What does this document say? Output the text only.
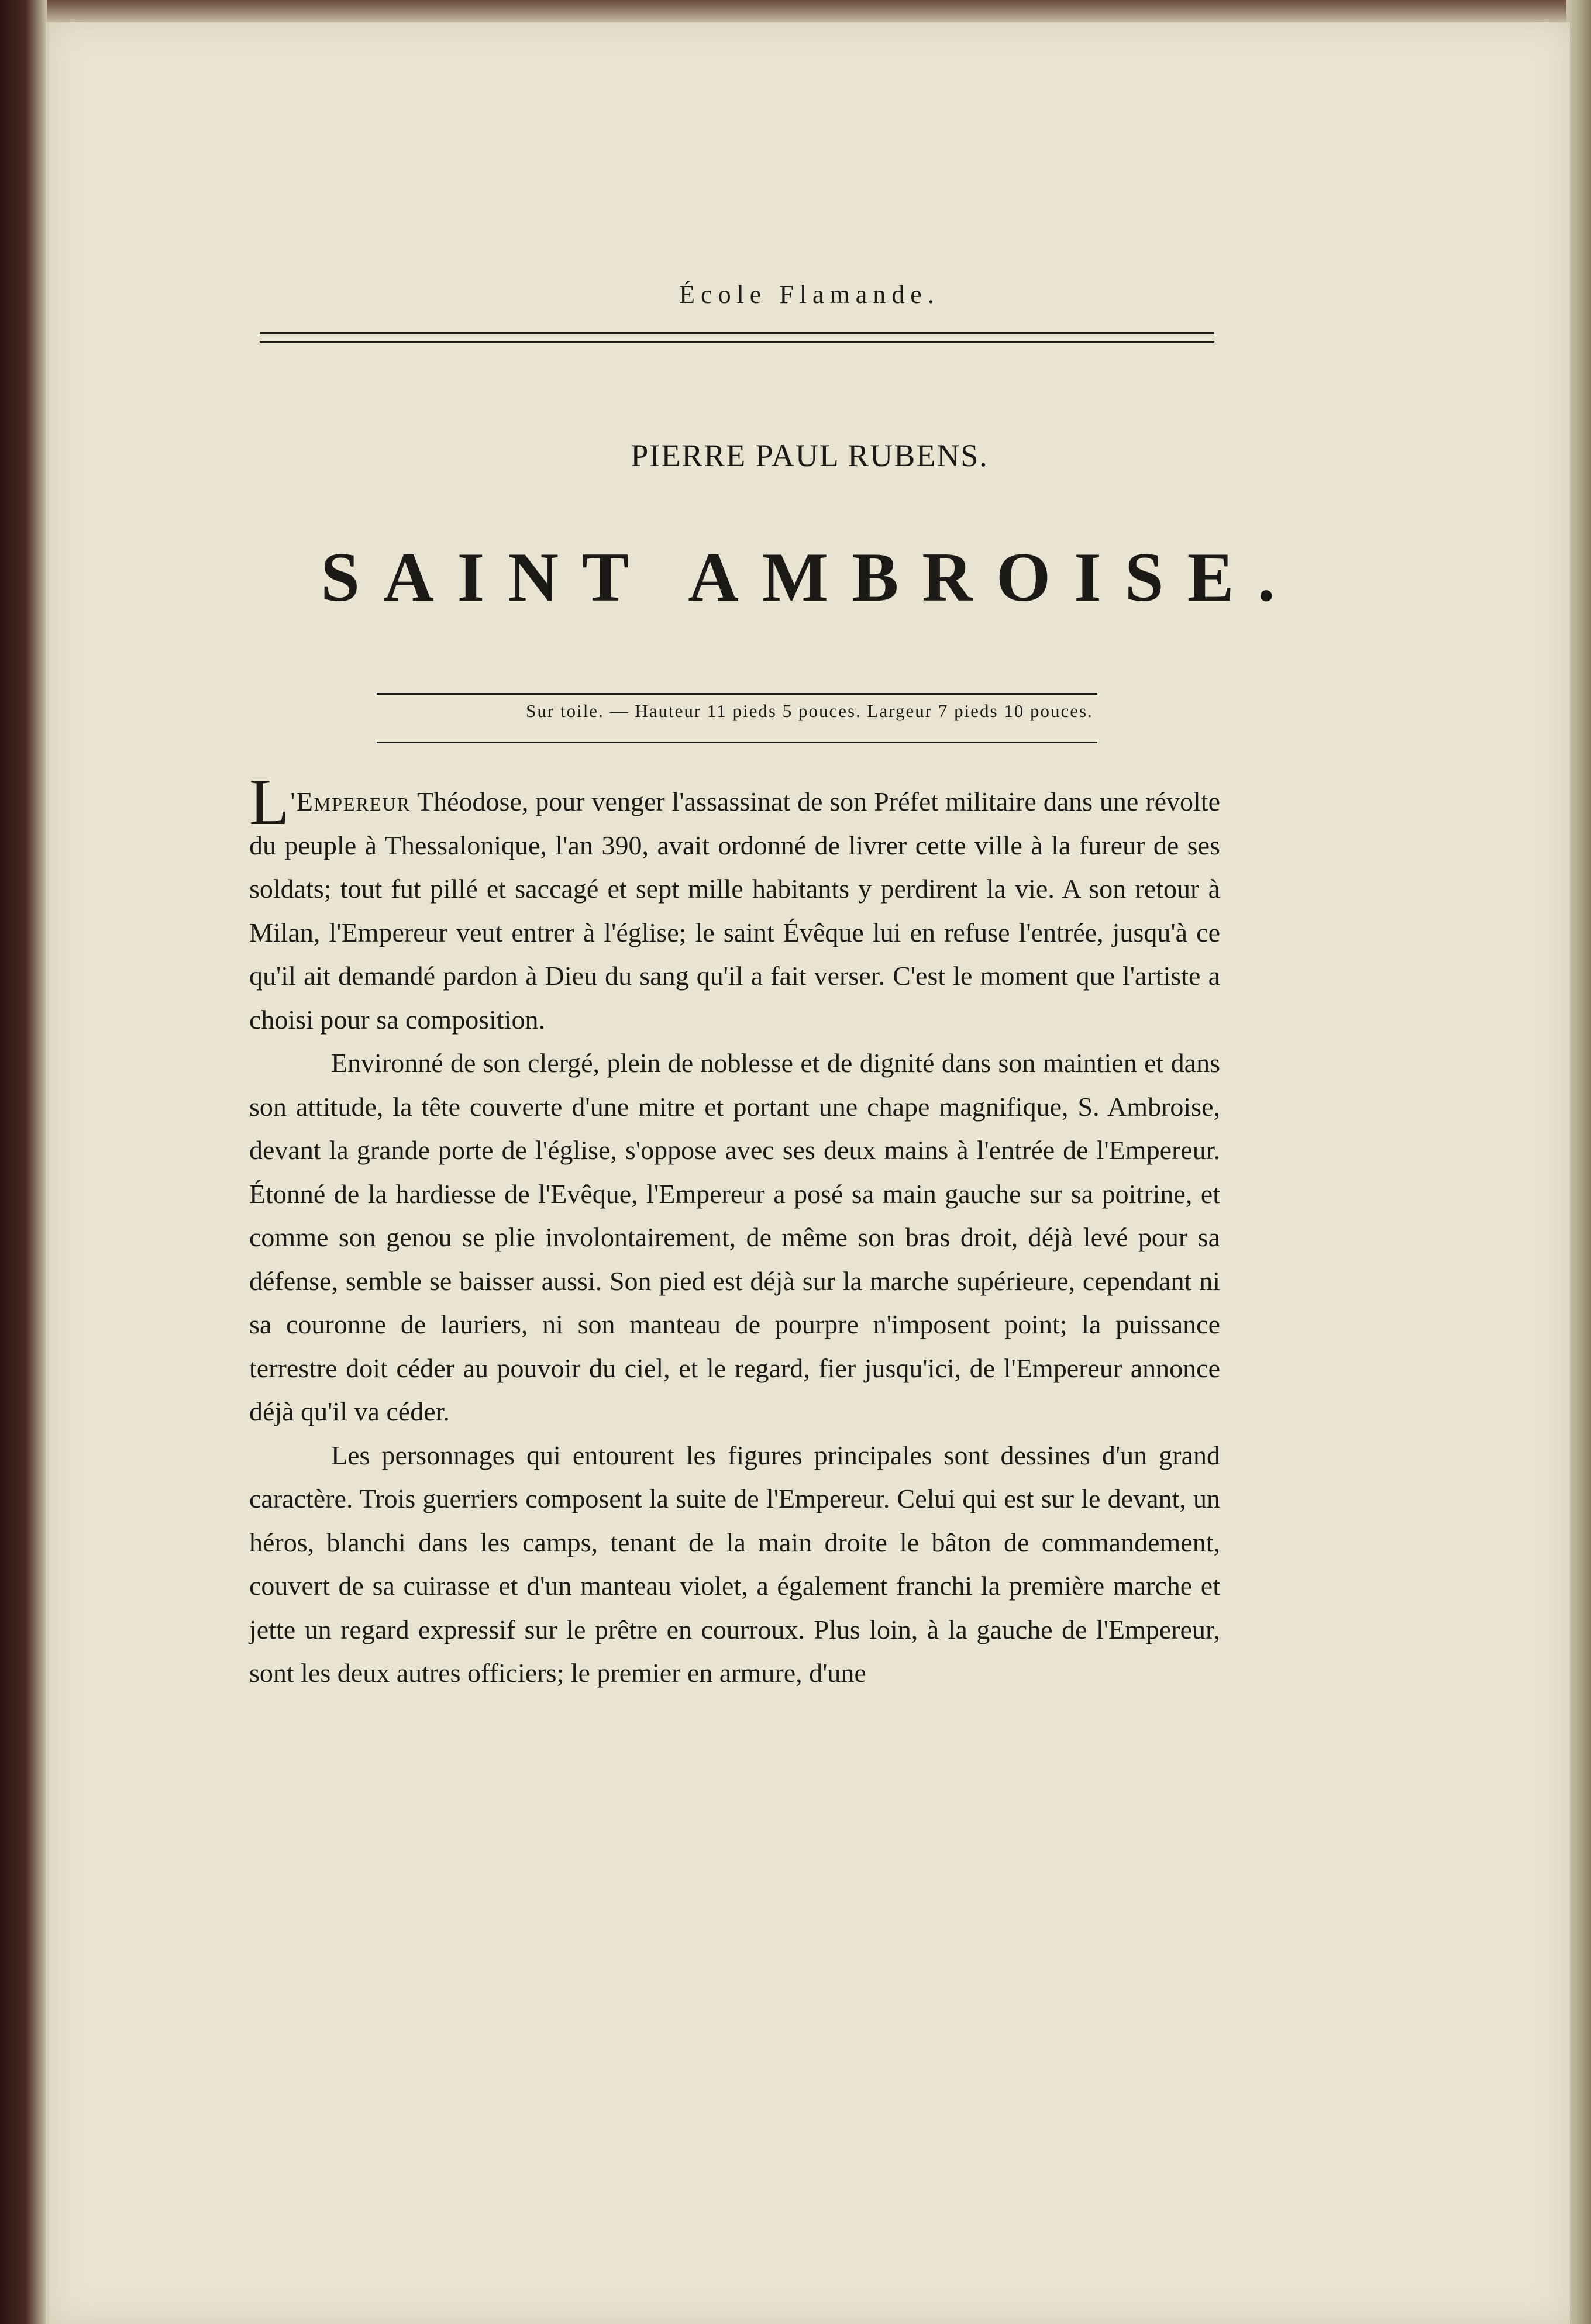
École Flamande.
PIERRE PAUL RUBENS.
SAINT AMBROISE.
Sur toile. — Hauteur 11 pieds 5 pouces. Largeur 7 pieds 10 pouces.

L 'Empereur Théodose, pour venger l'assassinat de son Préfet militaire dans une révolte du peuple à Thessalonique, l'an 390, avait ordonné de livrer cette ville à la fureur de ses soldats; tout fut pillé et saccagé et sept mille habitants y perdirent la vie. A son retour à Milan, l'Empereur veut entrer à l'église; le saint Évêque lui en refuse l'entrée, jusqu'à ce qu'il ait demandé pardon à Dieu du sang qu'il a fait verser. C'est le moment que l'artiste a choisi pour sa composition.

Environné de son clergé, plein de noblesse et de dignité dans son maintien et dans son attitude, la tête couverte d'une mitre et portant une chape magnifique, S. Ambroise, devant la grande porte de l'église, s'oppose avec ses deux mains à l'entrée de l'Empereur. Étonné de la hardiesse de l'Evêque, l'Empereur a posé sa main gauche sur sa poitrine, et comme son genou se plie involontairement, de même son bras droit, déjà levé pour sa défense, semble se baisser aussi. Son pied est déjà sur la marche supérieure, cependant ni sa couronne de lauriers, ni son manteau de pourpre n'imposent point; la puissance terrestre doit céder au pouvoir du ciel, et le regard, fier jusqu'ici, de l'Empereur annonce déjà qu'il va céder.

Les personnages qui entourent les figures principales sont dessines d'un grand caractère. Trois guerriers composent la suite de l'Empereur. Celui qui est sur le devant, un héros, blanchi dans les camps, tenant de la main droite le bâton de commandement, couvert de sa cuirasse et d'un manteau violet, a également franchi la première marche et jette un regard expressif sur le prêtre en courroux. Plus loin, à la gauche de l'Empereur, sont les deux autres officiers; le premier en armure, d'une
